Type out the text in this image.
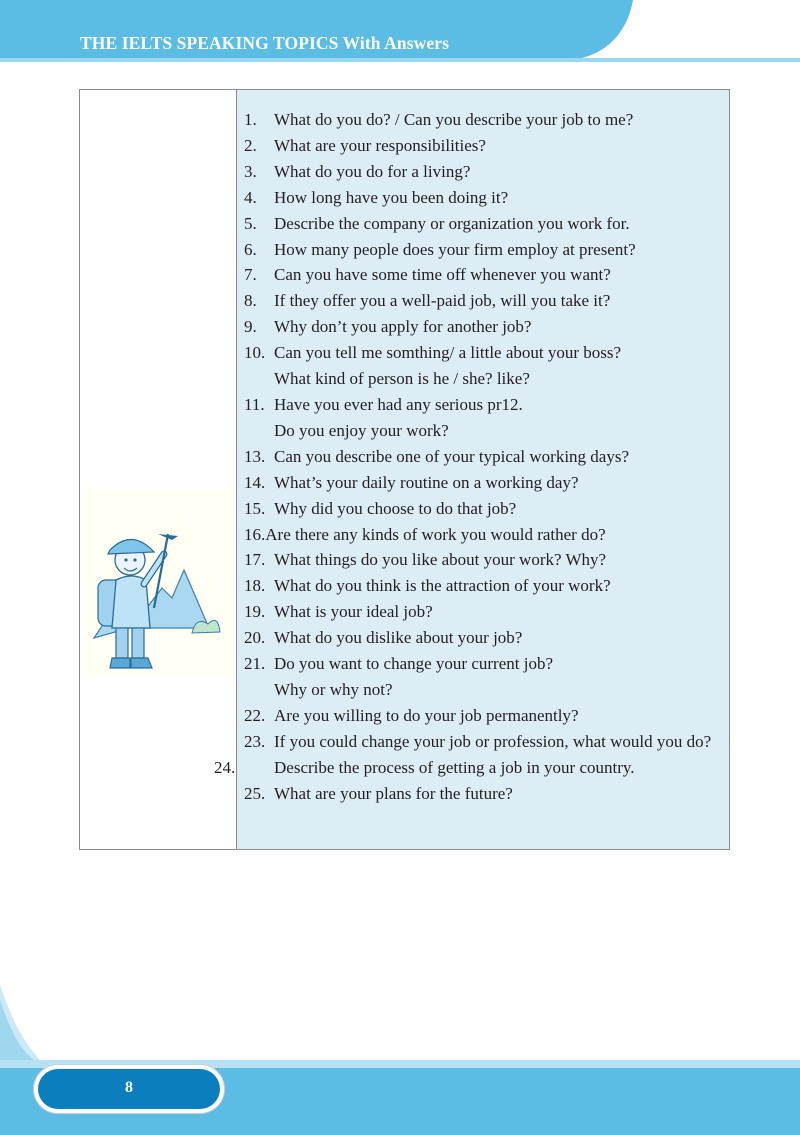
THE IELTS SPEAKING TOPICS With Answers
1. What do you do? / Can you describe your job to me?
2. What are your responsibilities?
3. What do you do for a living?
4. How long have you been doing it?
5. Describe the company or organization you work for.
6. How many people does your firm employ at present?
7. Can you have some time off whenever you want?
8. If they offer you a well-paid job, will you take it?
9. Why don’t you apply for another job?
10. Can you tell me somthing/ a little about your boss?
What kind of person is he / she? like?
11. Have you ever had any serious pr12.
Do you enjoy your work?
13. Can you describe one of your typical working days?
14. What’s your daily routine on a working day?
15. Why did you choose to do that job?
16.Are there any kinds of work you would rather do?
17. What things do you like about your work? Why?
18. What do you think is the attraction of your work?
19. What is your ideal job?
20. What do you dislike about your job?
21. Do you want to change your current job?
Why or why not?
22. Are you willing to do your job permanently?
23. If you could change your job or profession, what would you do?
24. Describe the process of getting a job in your country.
25. What are your plans for the future?
8
